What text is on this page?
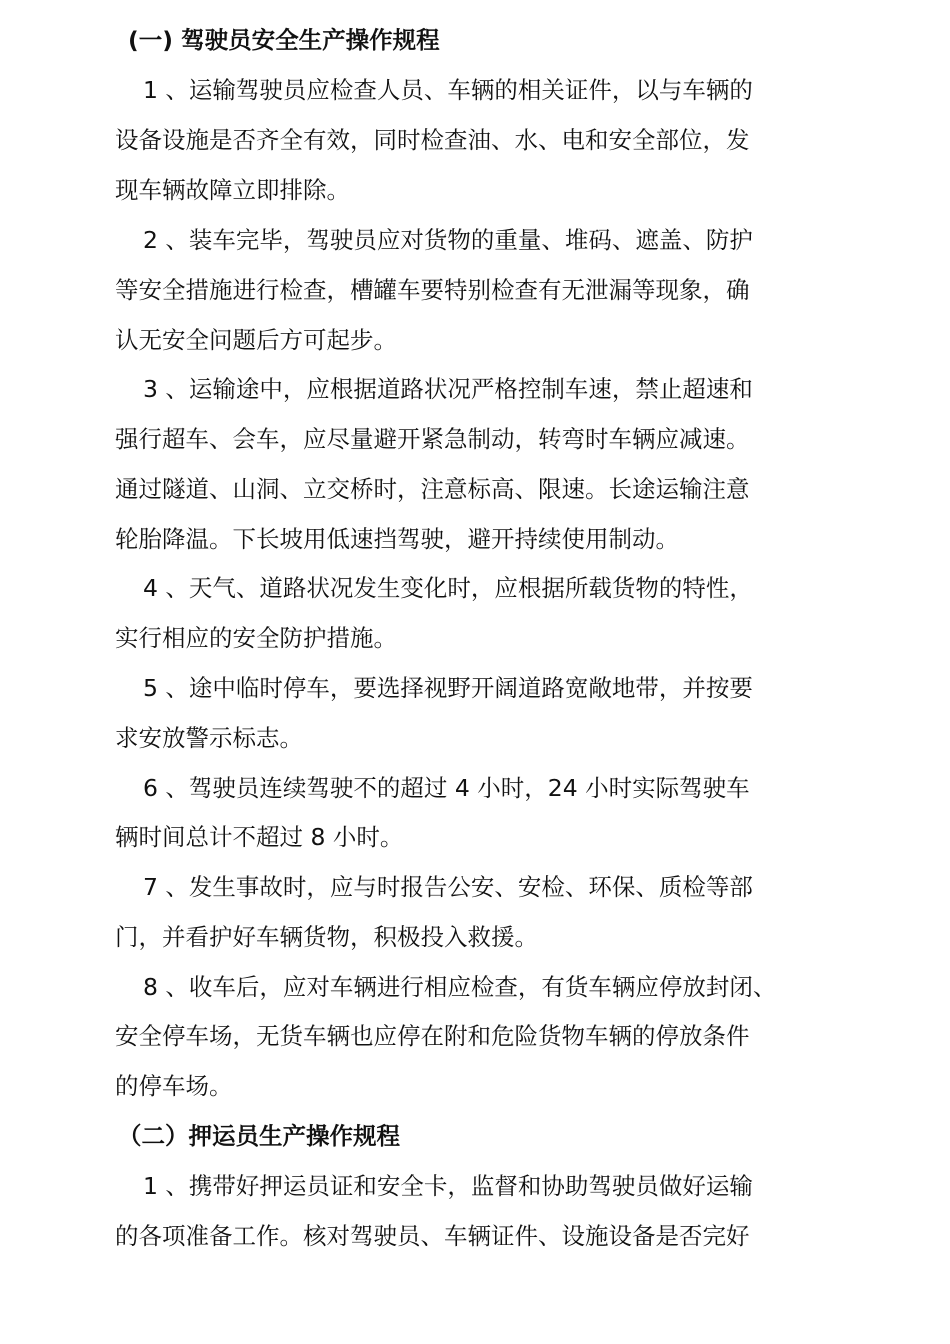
(一) 驾驶员安全生产操作规程
1 、运输驾驶员应检查人员、车辆的相关证件，以与车辆的
设备设施是否齐全有效，同时检查油、水、电和安全部位，发
现车辆故障立即排除。
2 、装车完毕，驾驶员应对货物的重量、堆码、遮盖、防护
等安全措施进行检查，槽罐车要特别检查有无泄漏等现象，确
认无安全问题后方可起步。
3 、运输途中，应根据道路状况严格控制车速，禁止超速和
强行超车、会车，应尽量避开紧急制动，转弯时车辆应减速。
通过隧道、山洞、立交桥时，注意标高、限速。长途运输注意
轮胎降温。下长坡用低速挡驾驶，避开持续使用制动。
4 、天气、道路状况发生变化时，应根据所载货物的特性，
实行相应的安全防护措施。
5 、途中临时停车，要选择视野开阔道路宽敞地带，并按要
求安放警示标志。
6 、驾驶员连续驾驶不的超过 4 小时，24 小时实际驾驶车
辆时间总计不超过 8 小时。
7 、发生事故时，应与时报告公安、安检、环保、质检等部
门，并看护好车辆货物，积极投入救援。
8 、收车后，应对车辆进行相应检查，有货车辆应停放封闭、
安全停车场，无货车辆也应停在附和危险货物车辆的停放条件
的停车场。
（二）押运员生产操作规程
1 、携带好押运员证和安全卡，监督和协助驾驶员做好运输
的各项准备工作。核对驾驶员、车辆证件、设施设备是否完好
